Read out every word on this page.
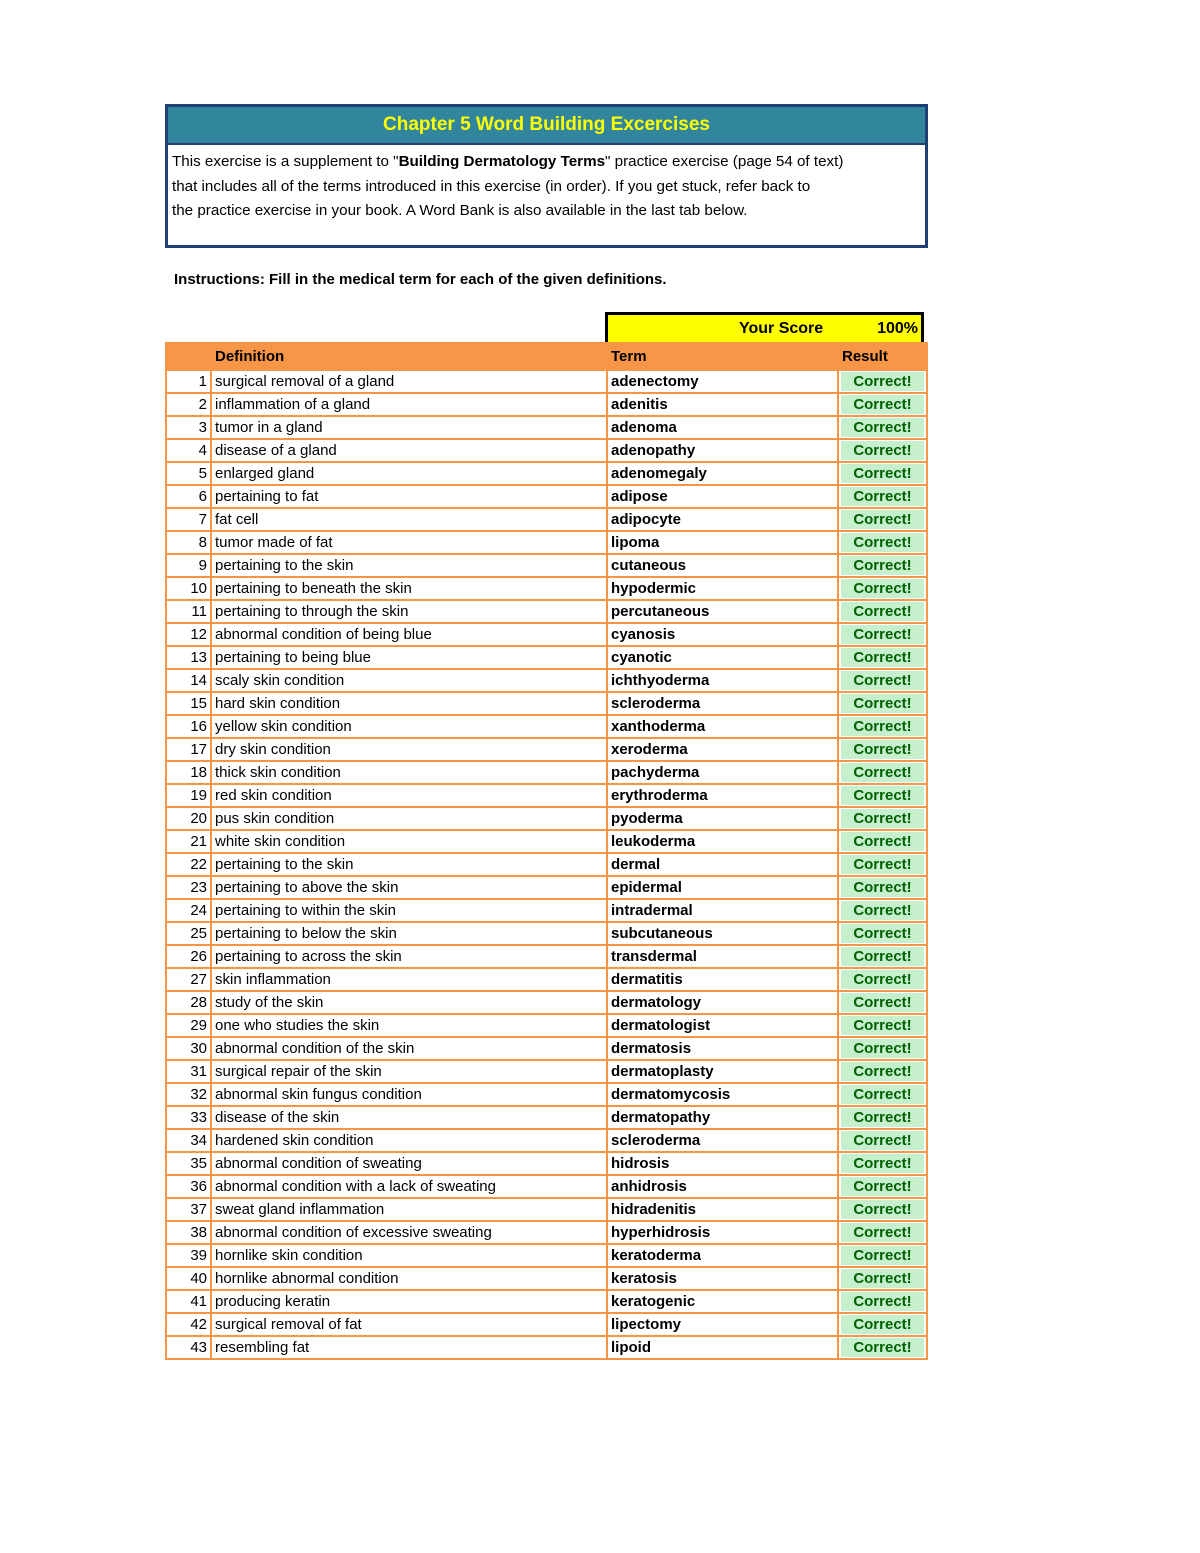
Chapter 5 Word Building Excercises
This exercise is a supplement to "Building Dermatology Terms" practice exercise (page 54 of text)
that includes all of the terms introduced in this exercise (in order). If you get stuck, refer back to
the practice exercise in your book. A Word Bank is also available in the last tab below.
Instructions: Fill in the medical term for each of the given definitions.
Your Score	100%
	Definition	Term	Result
1	surgical removal of a gland	adenectomy	Correct!

2	inflammation of a gland	adenitis	Correct!

3	tumor in a gland	adenoma	Correct!

4	disease of a gland	adenopathy	Correct!

5	enlarged gland	adenomegaly	Correct!

6	pertaining to fat	adipose	Correct!

7	fat cell	adipocyte	Correct!

8	tumor made of fat	lipoma	Correct!

9	pertaining to the skin	cutaneous	Correct!

10	pertaining to beneath the skin	hypodermic	Correct!

11	pertaining to through the skin	percutaneous	Correct!

12	abnormal condition of being blue	cyanosis	Correct!

13	pertaining to being blue	cyanotic	Correct!

14	scaly skin condition	ichthyoderma	Correct!

15	hard skin condition	scleroderma	Correct!

16	yellow skin condition	xanthoderma	Correct!

17	dry skin condition	xeroderma	Correct!

18	thick skin condition	pachyderma	Correct!

19	red skin condition	erythroderma	Correct!

20	pus skin condition	pyoderma	Correct!

21	white skin condition	leukoderma	Correct!

22	pertaining to the skin	dermal	Correct!

23	pertaining to above the skin	epidermal	Correct!

24	pertaining to within the skin	intradermal	Correct!

25	pertaining to below the skin	subcutaneous	Correct!

26	pertaining to across the skin	transdermal	Correct!

27	skin inflammation	dermatitis	Correct!

28	study of the skin	dermatology	Correct!

29	one who studies the skin	dermatologist	Correct!

30	abnormal condition of the skin	dermatosis	Correct!

31	surgical repair of the skin	dermatoplasty	Correct!

32	abnormal skin fungus condition	dermatomycosis	Correct!

33	disease of the skin	dermatopathy	Correct!

34	hardened skin condition	scleroderma	Correct!

35	abnormal condition of sweating	hidrosis	Correct!

36	abnormal condition with a lack of sweating	anhidrosis	Correct!

37	sweat gland inflammation	hidradenitis	Correct!

38	abnormal condition of excessive sweating	hyperhidrosis	Correct!

39	hornlike skin condition	keratoderma	Correct!

40	hornlike abnormal condition	keratosis	Correct!

41	producing keratin	keratogenic	Correct!

42	surgical removal of fat	lipectomy	Correct!

43	resembling fat	lipoid	Correct!
